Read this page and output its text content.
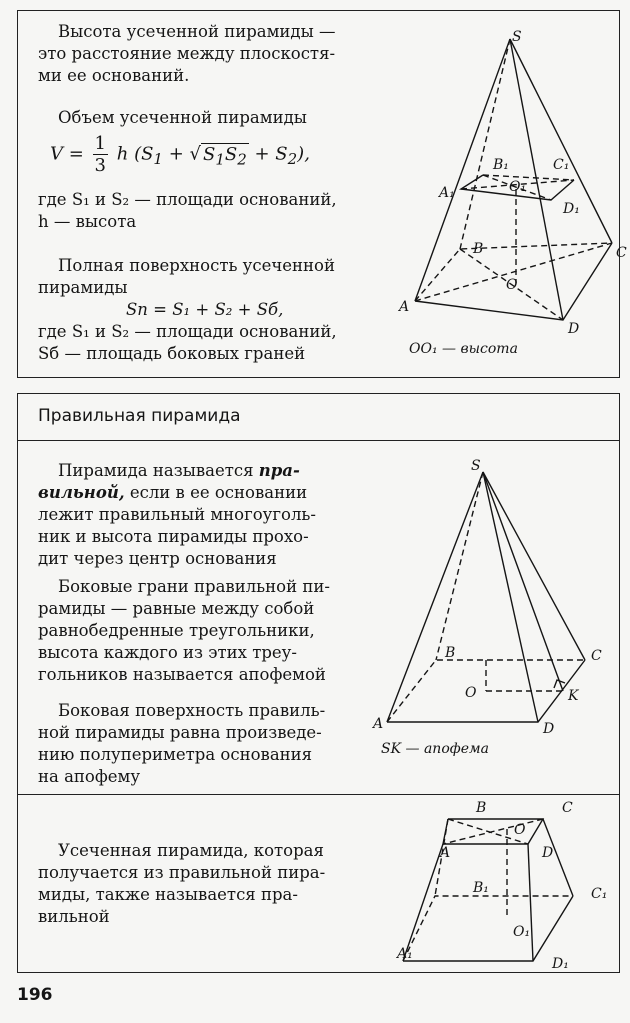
Высота усеченной пирамиды —
это расстояние между плоскостя-
ми ее оснований.
Объем усеченной пирамиды
$V = \frac{1}{3}$ h ($S_1$ + √ $S_1S_2 + S_2$),
где S₁ и S₂ — площади оснований,
h — высота
Полная поверхность усеченной
пирамиды
Sп = S₁ + S₂ + Sб,
где S₁ и S₂ — площади оснований,
Sб — площадь боковых граней
S
B₁	C₁
A₁	O₁
D₁
B	C
O
A
D
OO₁ — высота
Правильная пирамида
Пирамида называется пра-
вильной, если в ее основании
лежит правильный многоуголь-
ник и высота пирамиды прохо-
дит через центр основания
Боковые грани правильной пи-
рамиды — равные между собой
равнобедренные треугольники,
высота каждого из этих треу-
гольников называется апофемой
Боковая поверхность правиль-
ной пирамиды равна произведе-
нию полупериметра основания
на апофему
S
B	C
O	K
A	D
SK — апофема
Усеченная пирамида, которая
получается из правильной пира-
миды, также называется пра-
вильной
B	C
O
A	D
B₁	C₁
O₁
A₁
D₁
196
